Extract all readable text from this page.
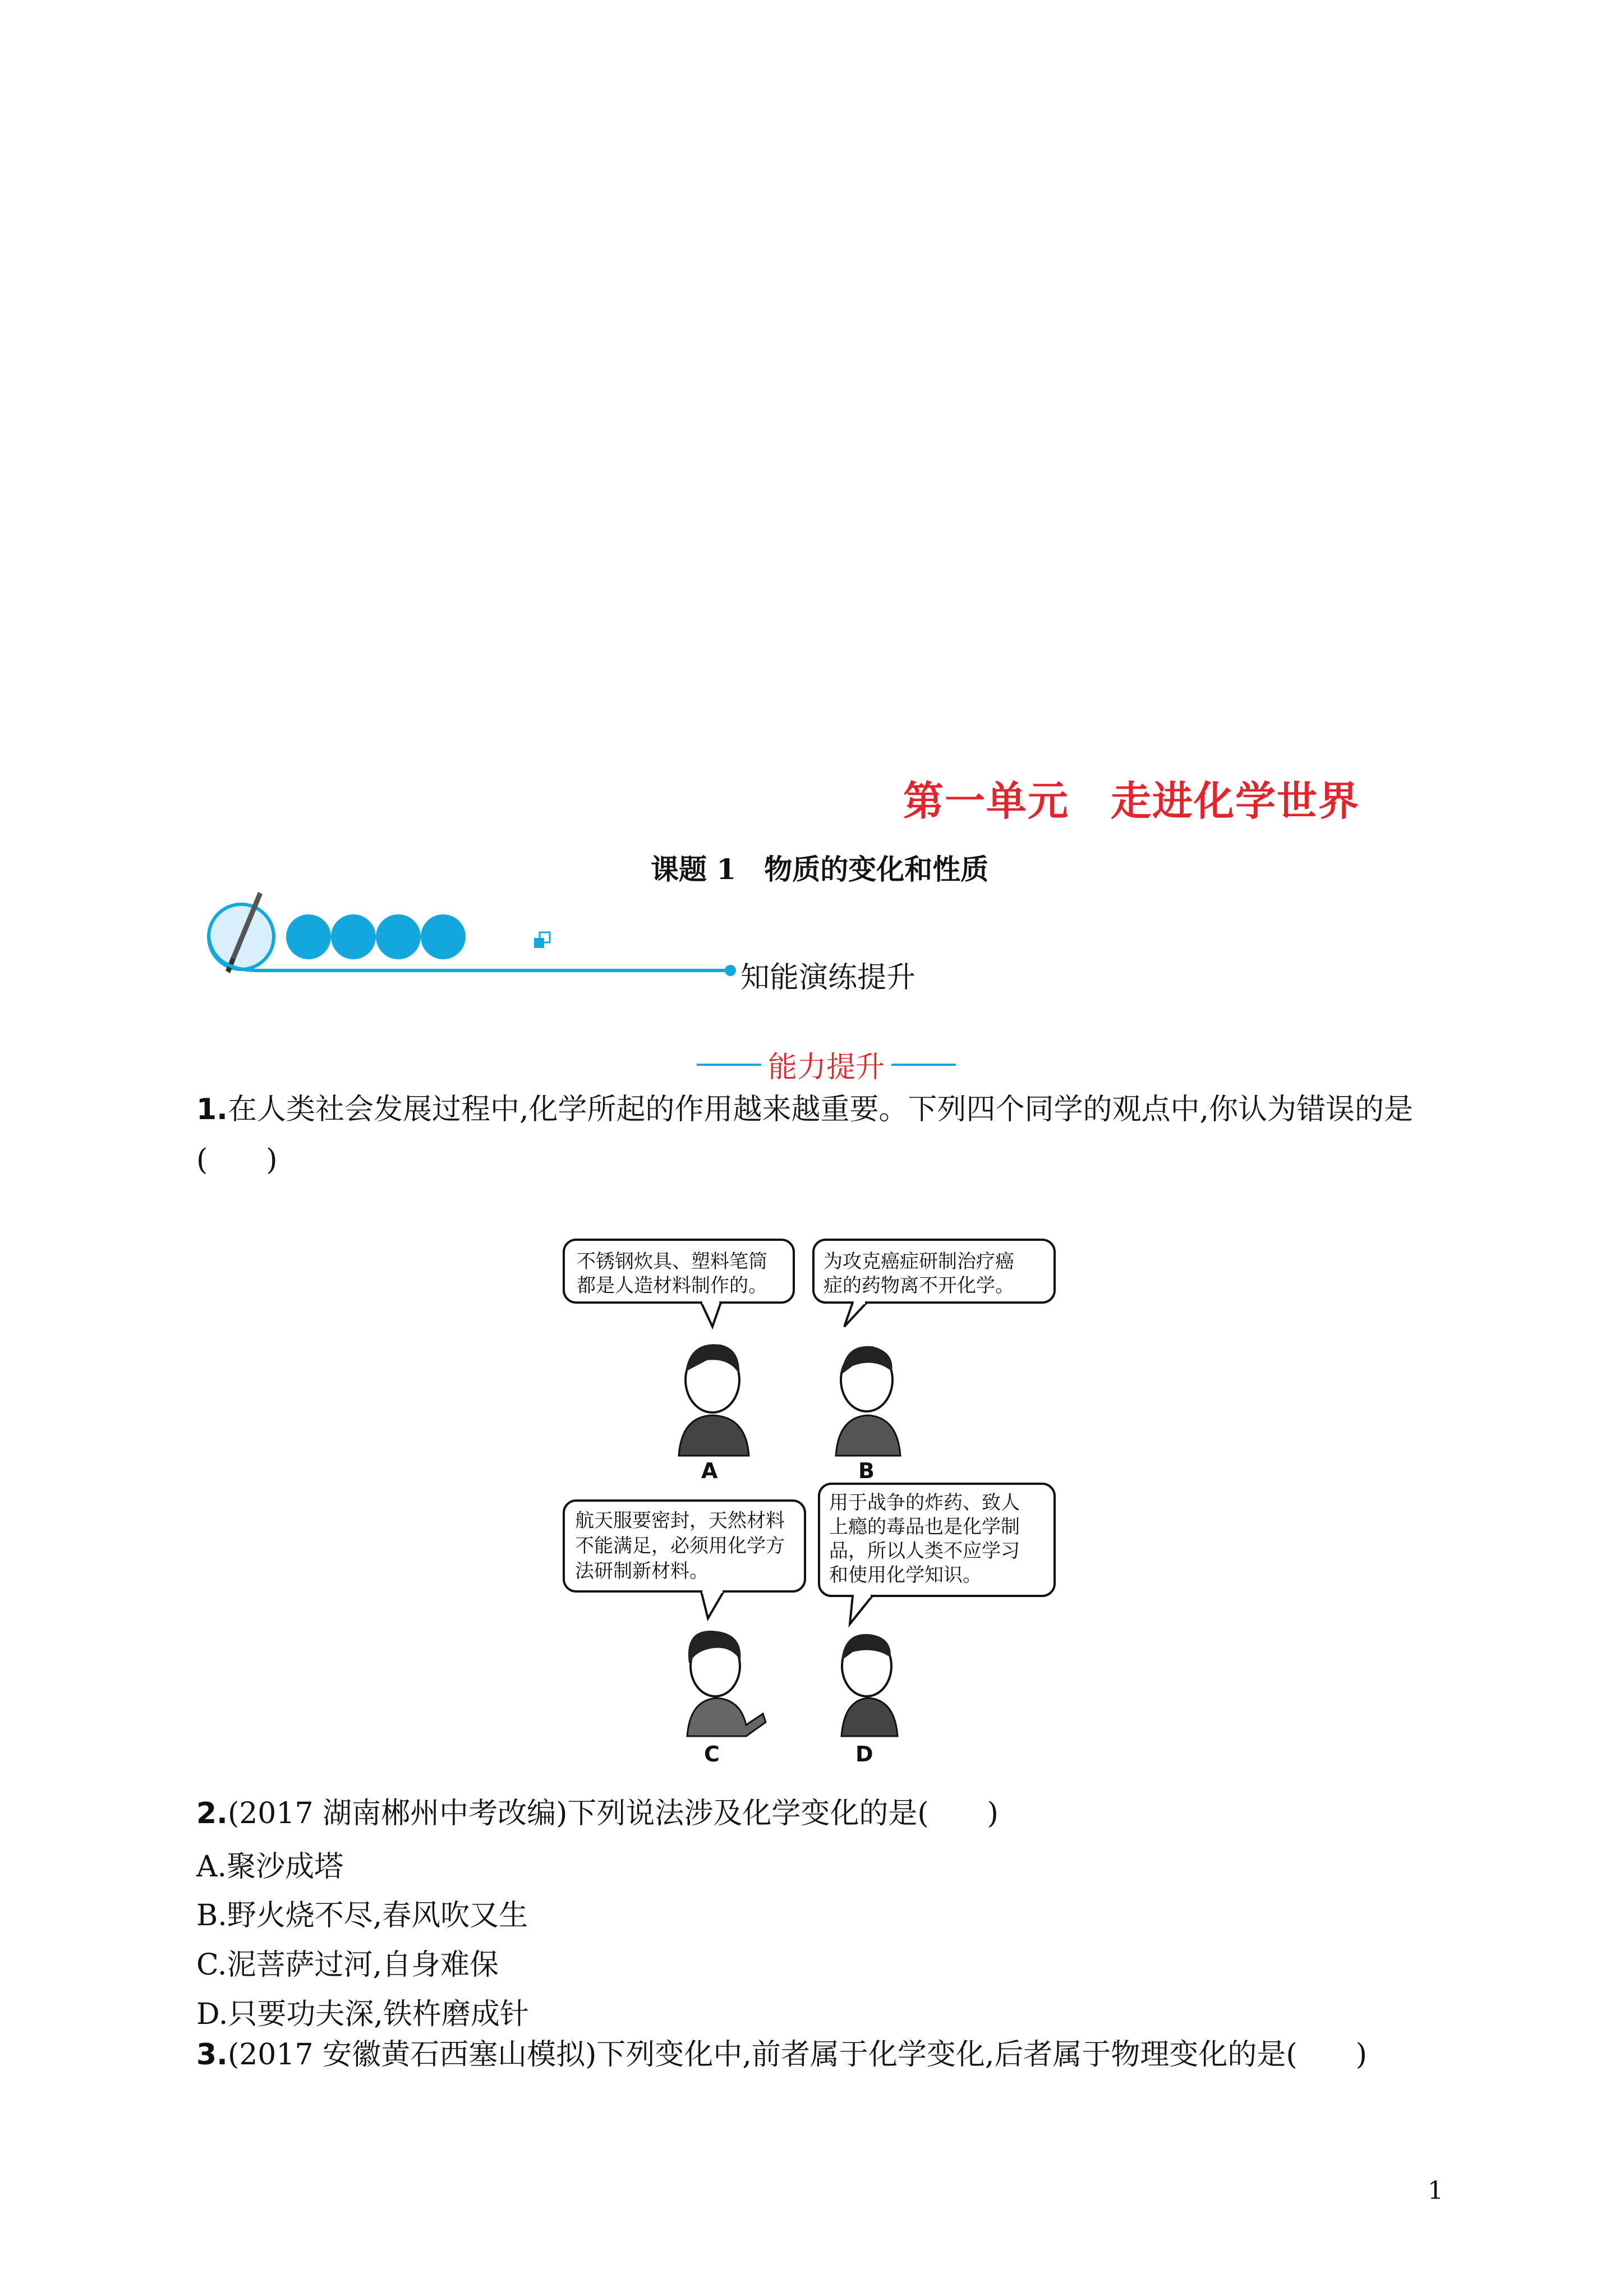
第一单元　走进化学世界
课题 1　物质的变化和性质
知能演练提升
能力提升
1.在人类社会发展过程中,化学所起的作用越来越重要。下列四个同学的观点中,你认为错误的是
(　　)
不锈钢炊具、塑料笔筒
都是人造材料制作的。
为攻克癌症研制治疗癌
症的药物离不开化学。
A	B
航天服要密封，天然材料
不能满足，必须用化学方
法研制新材料。
用于战争的炸药、致人
上瘾的毒品也是化学制
品，所以人类不应学习
和使用化学知识。
C	D
2.(2017 湖南郴州中考改编)下列说法涉及化学变化的是(　　)
A.聚沙成塔
B.野火烧不尽,春风吹又生
C.泥菩萨过河,自身难保
D.只要功夫深,铁杵磨成针
3.(2017 安徽黄石西塞山模拟)下列变化中,前者属于化学变化,后者属于物理变化的是(　　)
1
